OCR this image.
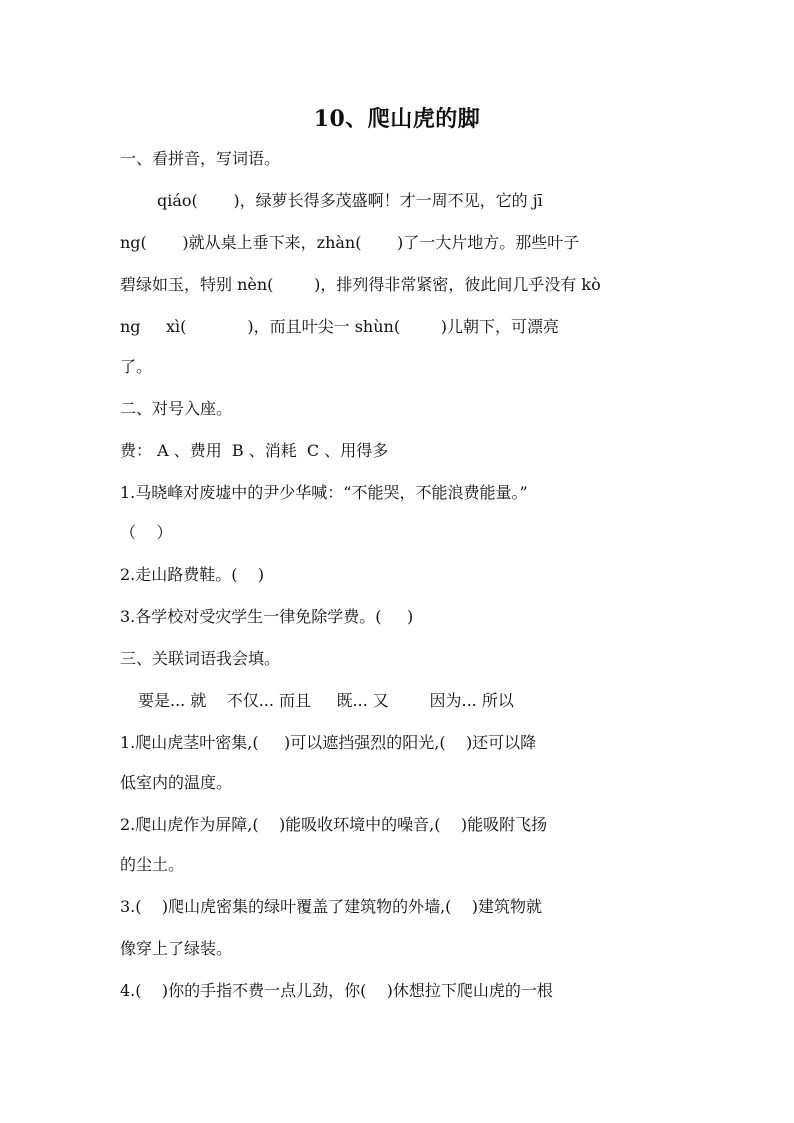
10、爬山虎的脚
一、看拼音，写词语。
qiáo(       )，绿萝长得多茂盛啊！才一周不见，它的 jī
ng(       )就从桌上垂下来，zhàn(       )了一大片地方。那些叶子
碧绿如玉，特别 nèn(        )，排列得非常紧密，彼此间几乎没有 kò
ng     xì(            )，而且叶尖一 shùn(        )儿朝下，可漂亮
了。
二、对号入座。
费： A 、费用  B 、消耗  C 、用得多
1.马晓峰对废墟中的尹少华喊：“不能哭，不能浪费能量。”
（    ）
2.走山路费鞋。(    )
3.各学校对受灾学生一律免除学费。(     )
三、关联词语我会填。
要是... 就    不仅... 而且     既... 又        因为... 所以
1.爬山虎茎叶密集,(     )可以遮挡强烈的阳光,(    )还可以降
低室内的温度。
2.爬山虎作为屏障,(    )能吸收环境中的噪音,(    )能吸附飞扬
的尘土。
3.(    )爬山虎密集的绿叶覆盖了建筑物的外墙,(    )建筑物就
像穿上了绿装。
4.(    )你的手指不费一点儿劲，你(    )休想拉下爬山虎的一根
